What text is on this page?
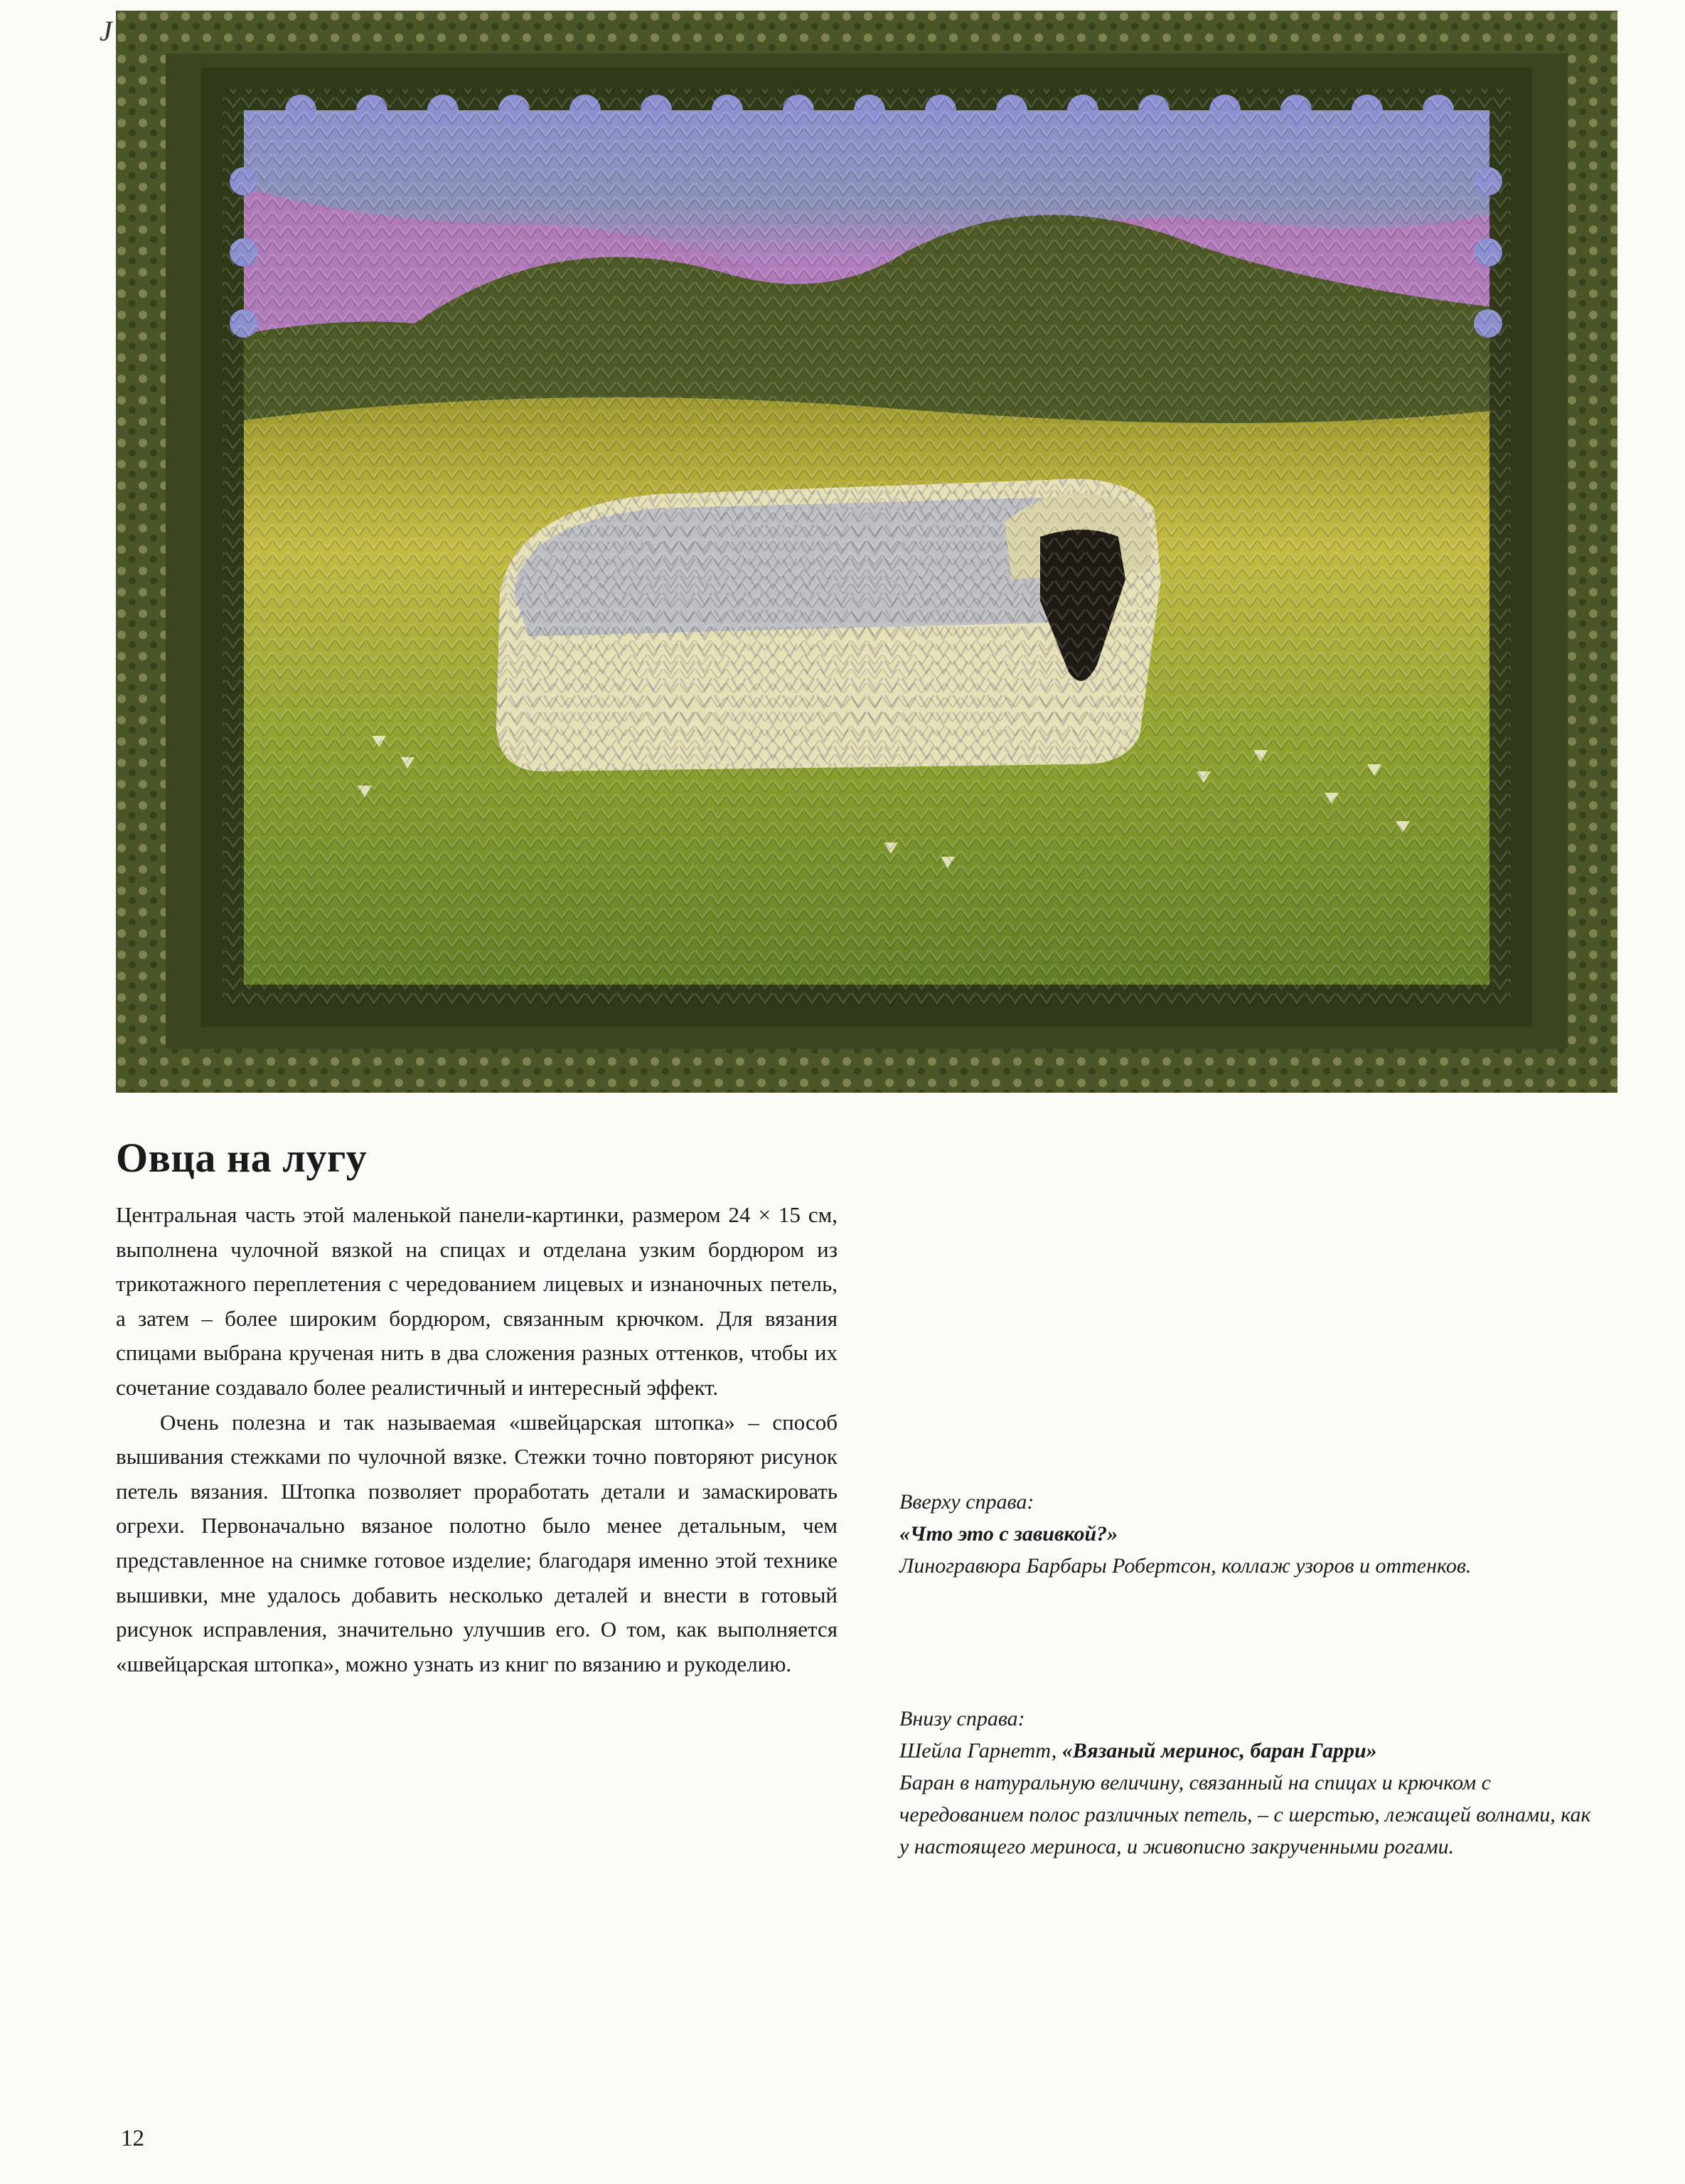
J
Овца на лугу

Центральная часть этой маленькой панели-картинки, размером 24 × 15 см, выполнена чулочной вязкой на спицах и отделана узким бордюром из трикотажного переплетения с чередованием лицевых и изнаночных петель, а затем – более широким бордюром, связанным крючком. Для вязания спицами выбрана крученая нить в два сложения разных оттенков, чтобы их сочетание создавало более реалистичный и интересный эффект.

Очень полезна и так называемая «швейцарская штопка» – способ вышивания стежками по чулочной вязке. Стежки точно повторяют рисунок петель вязания. Штопка позволяет проработать детали и замаскировать огрехи. Первоначально вязаное полотно было менее детальным, чем представленное на снимке готовое изделие; благодаря именно этой технике вышивки, мне удалось добавить несколько деталей и внести в готовый рисунок исправления, значительно улучшив его. О том, как выполняется «швейцарская штопка», можно узнать из книг по вязанию и рукоделию.

Вверху справа:
«Что это с завивкой?»
Линогравюра Барбары Робертсон, коллаж узоров и оттенков.
Внизу справа:
Шейла Гарнетт, «Вязаный меринос, баран Гарри»
Баран в натуральную величину, связанный на спицах и крючком с чередованием полос различных петель, – с шерстью, лежащей волнами, как у настоящего мериноса, и живописно закрученными рогами.
12
